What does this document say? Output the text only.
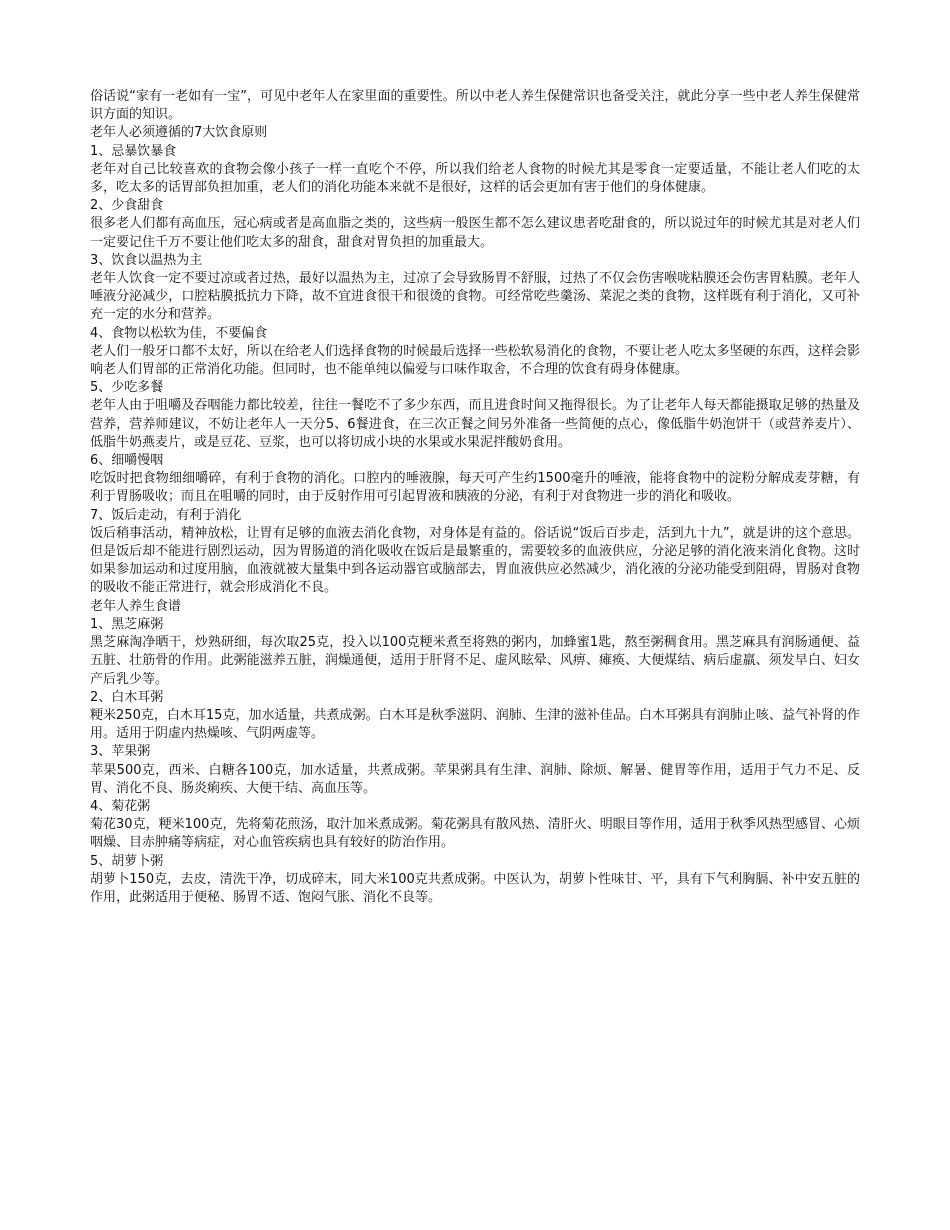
俗话说“家有一老如有一宝”，可见中老年人在家里面的重要性。所以中老人养生保健常识也备受关注，就此分享一些中老人养生保健常识方面的知识。

老年人必须遵循的7大饮食原则

1、忌暴饮暴食

老年对自己比较喜欢的食物会像小孩子一样一直吃个不停，所以我们给老人食物的时候尤其是零食一定要适量，不能让老人们吃的太多，吃太多的话胃部负担加重，老人们的消化功能本来就不是很好，这样的话会更加有害于他们的身体健康。

2、少食甜食

很多老人们都有高血压，冠心病或者是高血脂之类的，这些病一般医生都不怎么建议患者吃甜食的，所以说过年的时候尤其是对老人们一定要记住千万不要让他们吃太多的甜食，甜食对胃负担的加重最大。

3、饮食以温热为主

老年人饮食一定不要过凉或者过热，最好以温热为主，过凉了会导致肠胃不舒服，过热了不仅会伤害喉咙粘膜还会伤害胃粘膜。老年人唾液分泌减少，口腔粘膜抵抗力下降，故不宜进食很干和很烫的食物。可经常吃些羹汤、菜泥之类的食物，这样既有利于消化，又可补充一定的水分和营养。

4、食物以松软为佳，不要偏食

老人们一般牙口都不太好，所以在给老人们选择食物的时候最后选择一些松软易消化的食物，不要让老人吃太多坚硬的东西，这样会影响老人们胃部的正常消化功能。但同时，也不能单纯以偏爱与口味作取舍，不合理的饮食有碍身体健康。

5、少吃多餐

老年人由于咀嚼及吞咽能力都比较差，往往一餐吃不了多少东西，而且进食时间又拖得很长。为了让老年人每天都能摄取足够的热量及营养，营养师建议，不妨让老年人一天分5、6餐进食，在三次正餐之间另外准备一些简便的点心，像低脂牛奶泡饼干（或营养麦片）、低脂牛奶燕麦片，或是豆花、豆浆，也可以将切成小块的水果或水果泥拌酸奶食用。

6、细嚼慢咽

吃饭时把食物细细嚼碎，有利于食物的消化。口腔内的唾液腺，每天可产生约1500毫升的唾液，能将食物中的淀粉分解成麦芽糖，有利于胃肠吸收；而且在咀嚼的同时，由于反射作用可引起胃液和胰液的分泌，有利于对食物进一步的消化和吸收。

7、饭后走动，有利于消化

饭后稍事活动，精神放松，让胃有足够的血液去消化食物，对身体是有益的。俗话说“饭后百步走，活到九十九”，就是讲的这个意思。但是饭后却不能进行剧烈运动，因为胃肠道的消化吸收在饭后是最繁重的，需要较多的血液供应，分泌足够的消化液来消化食物。这时如果参加运动和过度用脑，血液就被大量集中到各运动器官或脑部去，胃血液供应必然减少，消化液的分泌功能受到阻碍，胃肠对食物的吸收不能正常进行，就会形成消化不良。

老年人养生食谱

1、黑芝麻粥

黑芝麻淘净晒干，炒熟研细，每次取25克，投入以100克粳米煮至将熟的粥内，加蜂蜜1匙，熬至粥稠食用。黑芝麻具有润肠通便、益五脏、壮筋骨的作用。此粥能滋养五脏，润燥通便，适用于肝肾不足、虚风眩晕、风痹、瘫痪、大便煤结、病后虚羸、须发早白、妇女产后乳少等。

2、白木耳粥

粳米250克，白木耳15克，加水适量，共煮成粥。白木耳是秋季滋阴、润肺、生津的滋补佳品。白木耳粥具有润肺止咳、益气补肾的作用。适用于阴虚内热燥咳、气阴两虚等。

3、苹果粥

苹果500克，西米、白糖各100克，加水适量，共煮成粥。苹果粥具有生津、润肺、除烦、解暑、健胃等作用，适用于气力不足、反胃、消化不良、肠炎痢疾、大便干结、高血压等。

4、菊花粥

菊花30克，粳米100克，先将菊花煎汤，取汁加米煮成粥。菊花粥具有散风热、清肝火、明眼目等作用，适用于秋季风热型感冒、心烦咽燥、目赤肿痛等病症，对心血管疾病也具有较好的防治作用。

5、胡萝卜粥

胡萝卜150克，去皮，清洗干净，切成碎末，同大米100克共煮成粥。中医认为，胡萝卜性味甘、平，具有下气利胸膈、补中安五脏的作用，此粥适用于便秘、肠胃不适、饱闷气胀、消化不良等。
